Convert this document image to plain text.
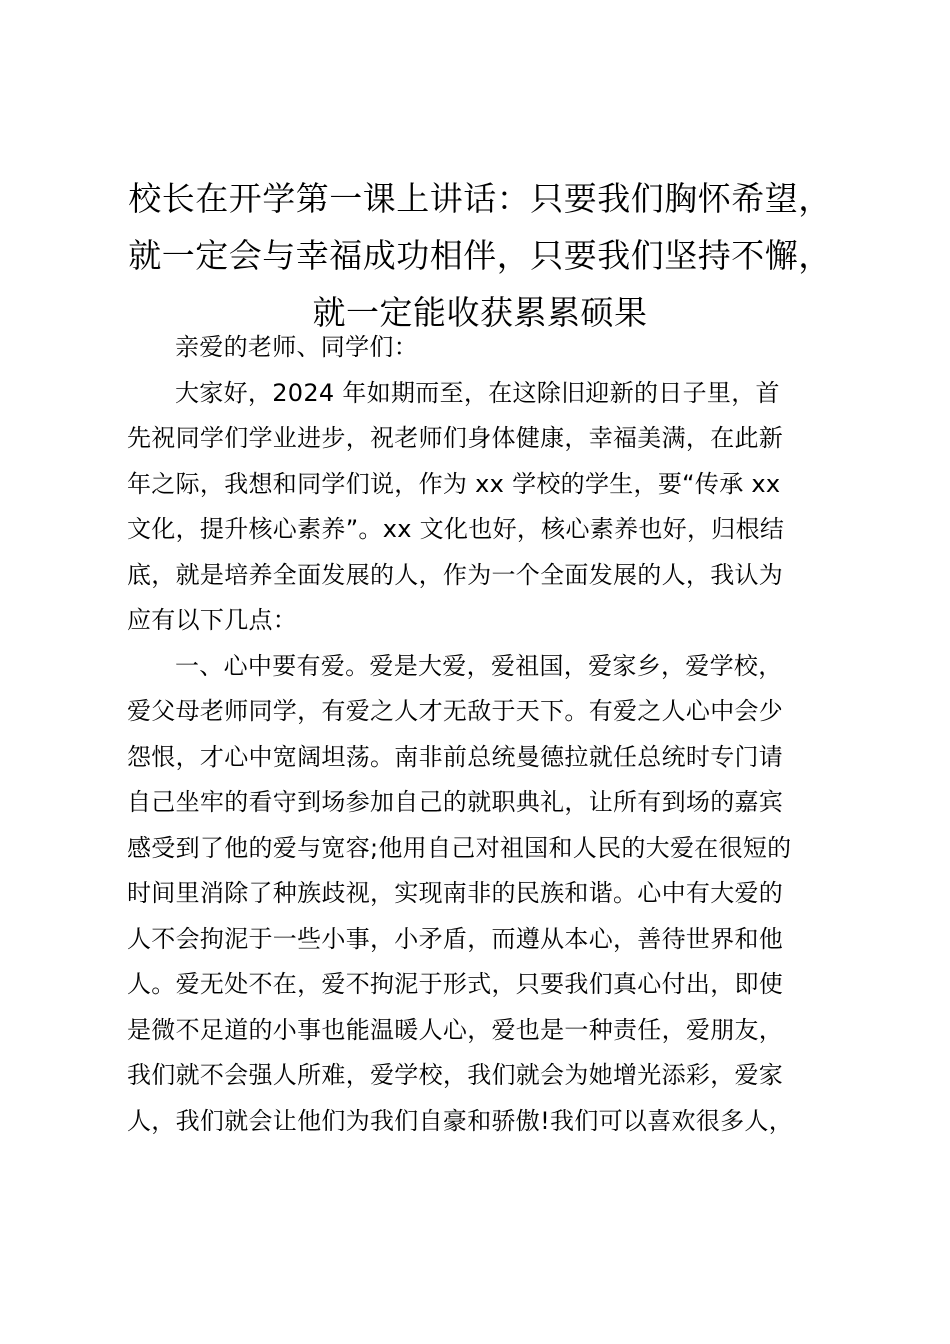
校长在开学第一课上讲话：只要我们胸怀希望，
就一定会与幸福成功相伴，只要我们坚持不懈，
就一定能收获累累硕果

亲爱的老师、同学们：

大家好，2024 年如期而至，在这除旧迎新的日子里，首
先祝同学们学业进步，祝老师们身体健康，幸福美满，在此新
年之际，我想和同学们说，作为 xx 学校的学生，要“传承 xx
文化，提升核心素养”。xx 文化也好，核心素养也好，归根结
底，就是培养全面发展的人，作为一个全面发展的人，我认为
应有以下几点：

一、心中要有爱。爱是大爱，爱祖国，爱家乡，爱学校，
爱父母老师同学，有爱之人才无敌于天下。有爱之人心中会少
怨恨，才心中宽阔坦荡。南非前总统曼德拉就任总统时专门请
自己坐牢的看守到场参加自己的就职典礼，让所有到场的嘉宾
感受到了他的爱与宽容;他用自己对祖国和人民的大爱在很短的
时间里消除了种族歧视，实现南非的民族和谐。心中有大爱的
人不会拘泥于一些小事，小矛盾，而遵从本心，善待世界和他
人。爱无处不在，爱不拘泥于形式，只要我们真心付出，即使
是微不足道的小事也能温暖人心，爱也是一种责任，爱朋友，
我们就不会强人所难，爱学校，我们就会为她增光添彩，爱家
人，我们就会让他们为我们自豪和骄傲!我们可以喜欢很多人，
